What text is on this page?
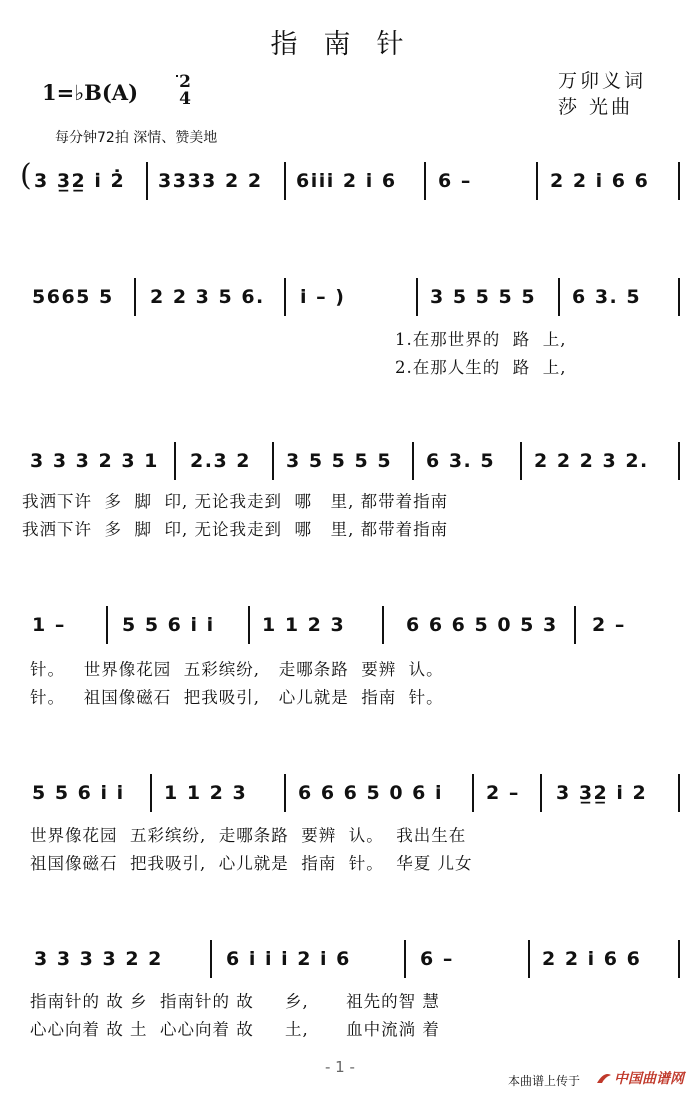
指南针
1=♭B(A) 2
4
万卯义词
莎 光曲
每分钟72拍 深情、赞美地
( 3 3̲2̲ i̇ 2̇ 3333 2 2 6iii 2 i 6 6 –	2 2 i 6 6
5665 5 2 2 3 5 6. i – )	3 5 5 5 5 6 3. 5
1.在那世界的  路  上,
2.在那人生的  路  上,
3 3 3 2 3 1 2.3 2 3 5 5 5 5 6 3. 5 2 2 2 3 2.
我洒下许  多  脚  印, 无论我走到  哪   里, 都带着指南
我洒下许  多  脚  印, 无论我走到  哪   里, 都带着指南
1 –	5 5 6 i i 1 1 2 3	6 6 6 5 0 5 3 2 –
针。   世界像花园  五彩缤纷,   走哪条路  要辨  认。
针。   祖国像磁石  把我吸引,   心儿就是  指南  针。
5 5 6 i i 1 1 2 3	6 6 6 5 0 6 i 2 – 3 3̲2̲ i 2
世界像花园  五彩缤纷,  走哪条路  要辨  认。  我出生在
祖国像磁石  把我吸引,  心儿就是  指南  针。  华夏 儿女
3 3 3 3 2 2	6 i i i 2 i 6	6 –	2 2 i 6 6
指南针的 故 乡  指南针的 故     乡,      祖先的智 慧
心心向着 故 土  心心向着 故     土,      血中流淌 着
- 1 -
本曲谱上传于	中国曲谱网
